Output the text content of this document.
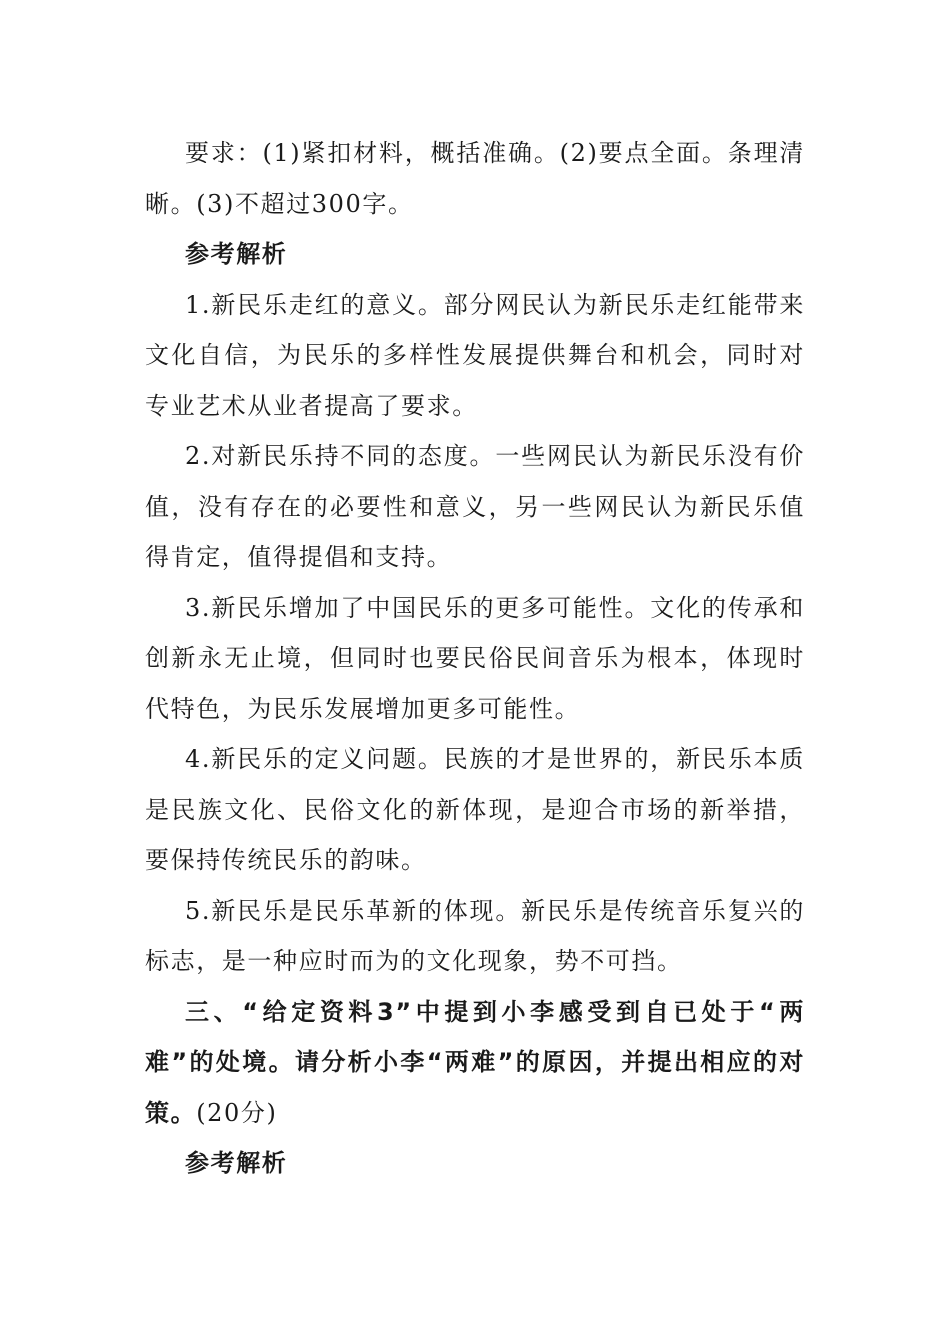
要求：(1)紧扣材料，概括准确。(2)要点全面。条理清晰。(3)不超过300字。

参考解析

1.新民乐走红的意义。部分网民认为新民乐走红能带来文化自信，为民乐的多样性发展提供舞台和机会，同时对专业艺术从业者提高了要求。

2.对新民乐持不同的态度。一些网民认为新民乐没有价值，没有存在的必要性和意义，另一些网民认为新民乐值得肯定，值得提倡和支持。

3.新民乐增加了中国民乐的更多可能性。文化的传承和创新永无止境，但同时也要民俗民间音乐为根本，体现时代特色，为民乐发展增加更多可能性。

4.新民乐的定义问题。民族的才是世界的，新民乐本质是民族文化、民俗文化的新体现，是迎合市场的新举措，要保持传统民乐的韵味。

5.新民乐是民乐革新的体现。新民乐是传统音乐复兴的标志，是一种应时而为的文化现象，势不可挡。

三、“给定资料3”中提到小李感受到自已处于“两难”的处境。请分析小李“两难”的原因，并提出相应的对策。(20分)

参考解析
